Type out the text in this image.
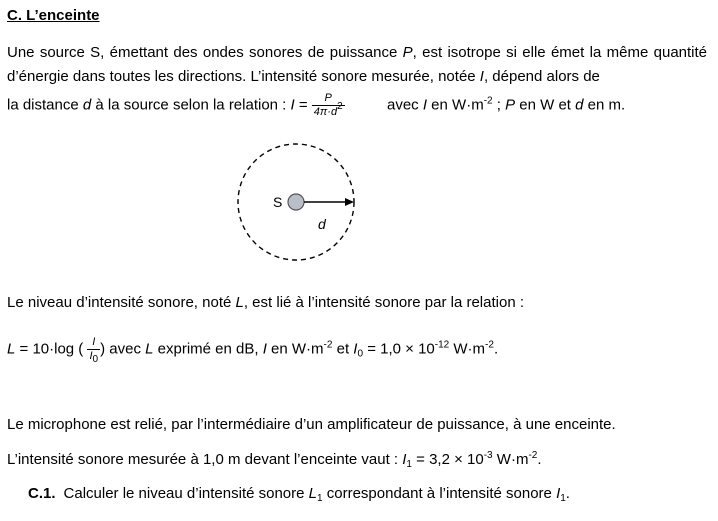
C. L’enceinte
Une source S, émettant des ondes sonores de puissance P, est isotrope si elle émet la même quantité d’énergie dans toutes les directions. L’intensité sonore mesurée, notée I, dépend alors de
la distance d à la source selon la relation : $I = \frac{P}{4\pi\cdot d^2}$	avec I en $W\cdot m^{-2}$ ; P en W et d en m.
S
d
Le niveau d’intensité sonore, noté L, est lié à l’intensité sonore par la relation :
L = 10·log ( $\frac{I}{I_0}$ ) avec L exprimé en dB, I en $W\cdot m^{-2}$ et $I_0 = 1,0 \times 10^{-12}$ $W\cdot m^{-2}$.
Le microphone est relié, par l’intermédiaire d’un amplificateur de puissance, à une enceinte.
L’intensité sonore mesurée à 1,0 m devant l’enceinte vaut : $I_1 = 3,2 \times 10^{-3}$ $W\cdot m^{-2}$.
C.1. Calculer le niveau d’intensité sonore $L_1$ correspondant à l’intensité sonore $I_1$.
